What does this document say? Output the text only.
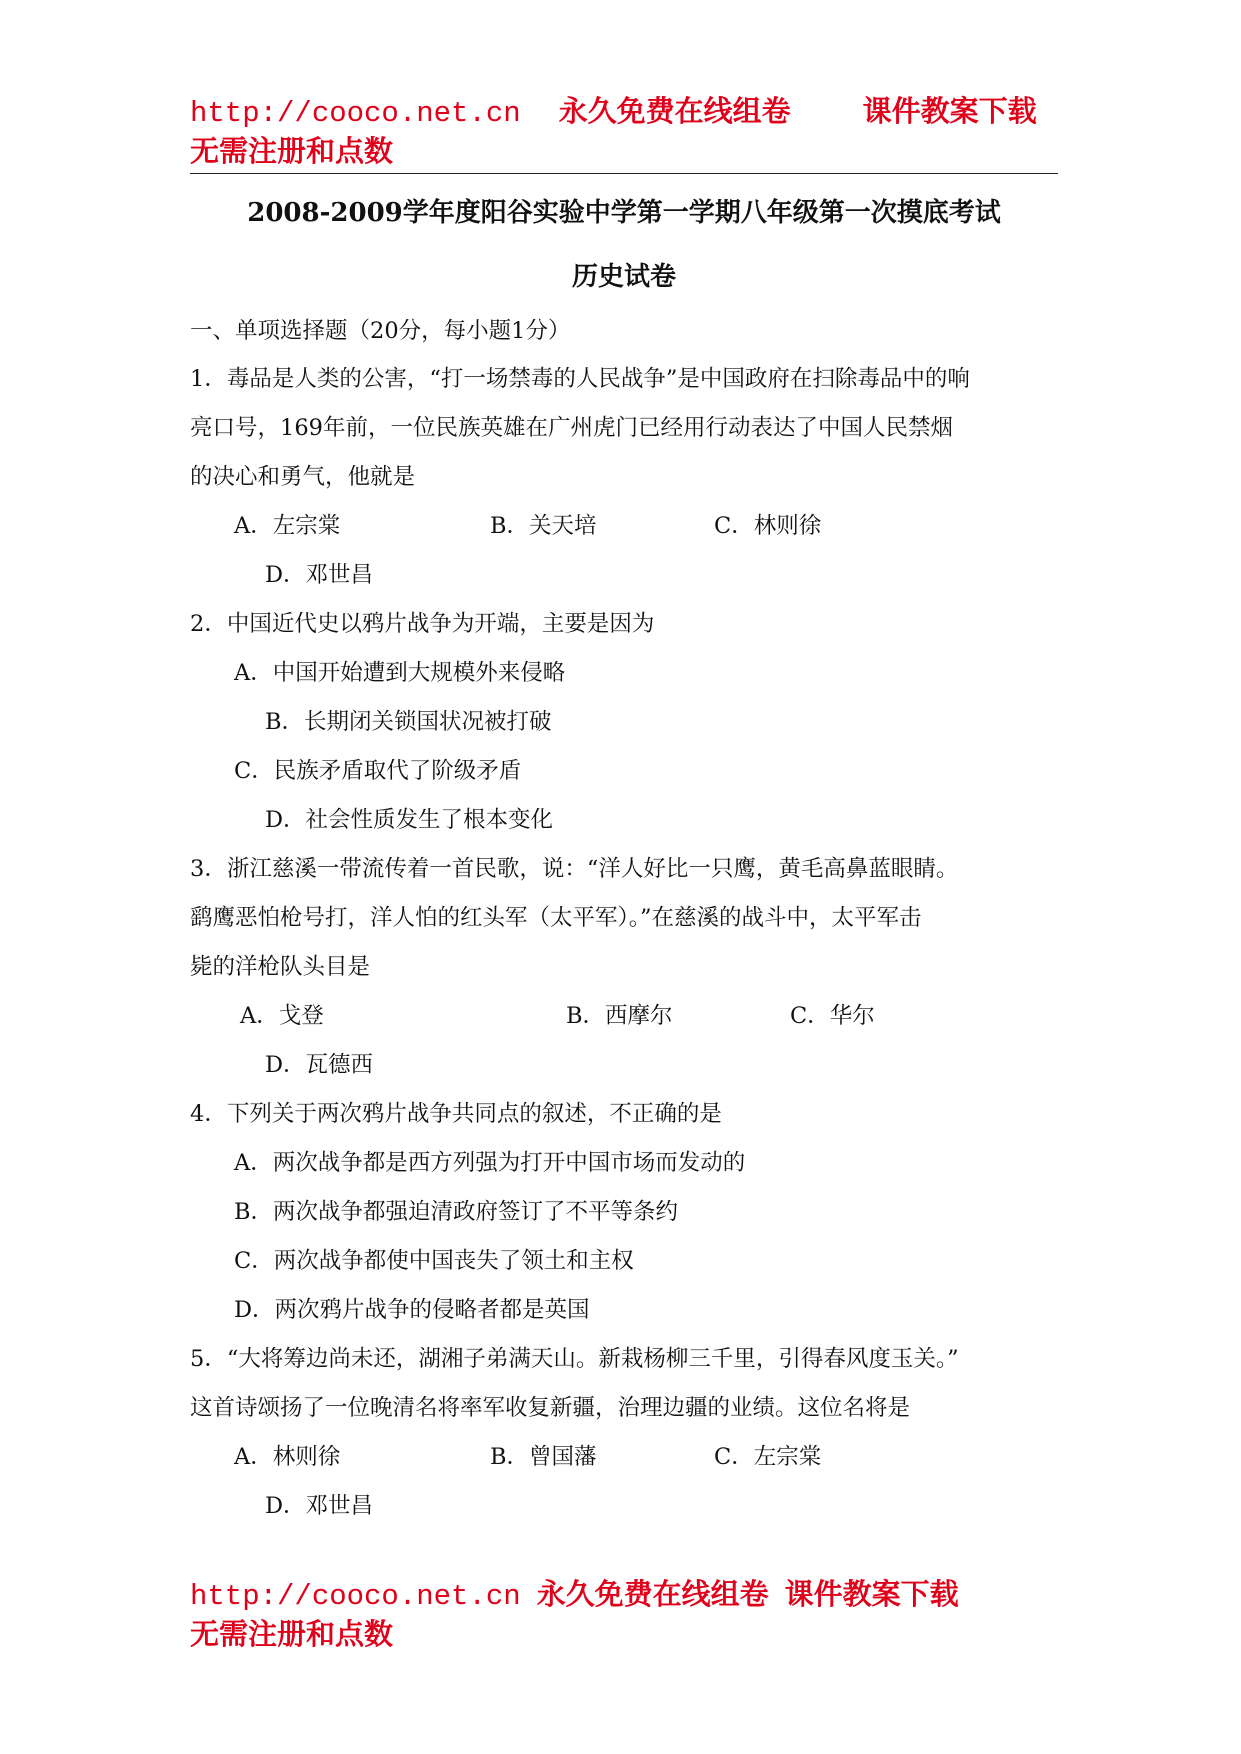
http://cooco.net.cn 永久免费在线组卷 课件教案下载
无需注册和点数
2008-2009学年度阳谷实验中学第一学期八年级第一次摸底考试
历史试卷
一、单项选择题（20分，每小题1分）
1．毒品是人类的公害，“打一场禁毒的人民战争”是中国政府在扫除毒品中的响
亮口号，169年前，一位民族英雄在广州虎门已经用行动表达了中国人民禁烟
的决心和勇气，他就是
A．左宗棠	B．关天培	C．林则徐
D．邓世昌
2．中国近代史以鸦片战争为开端，主要是因为
A．中国开始遭到大规模外来侵略
B．长期闭关锁国状况被打破
C．民族矛盾取代了阶级矛盾
D．社会性质发生了根本变化
3．浙江慈溪一带流传着一首民歌，说：“洋人好比一只鹰，黄毛高鼻蓝眼睛。
鹞鹰恶怕枪号打，洋人怕的红头军（太平军）。”在慈溪的战斗中，太平军击
毙的洋枪队头目是
A．戈登	B．西摩尔	C．华尔
D．瓦德西
4．下列关于两次鸦片战争共同点的叙述，不正确的是
A．两次战争都是西方列强为打开中国市场而发动的
B．两次战争都强迫清政府签订了不平等条约
C．两次战争都使中国丧失了领土和主权
D．两次鸦片战争的侵略者都是英国
5．“大将筹边尚未还，湖湘子弟满天山。新栽杨柳三千里，引得春风度玉关。”
这首诗颂扬了一位晚清名将率军收复新疆，治理边疆的业绩。这位名将是
A．林则徐	B．曾国藩	C．左宗棠
D．邓世昌
http://cooco.net.cn 永久免费在线组卷 课件教案下载
无需注册和点数
